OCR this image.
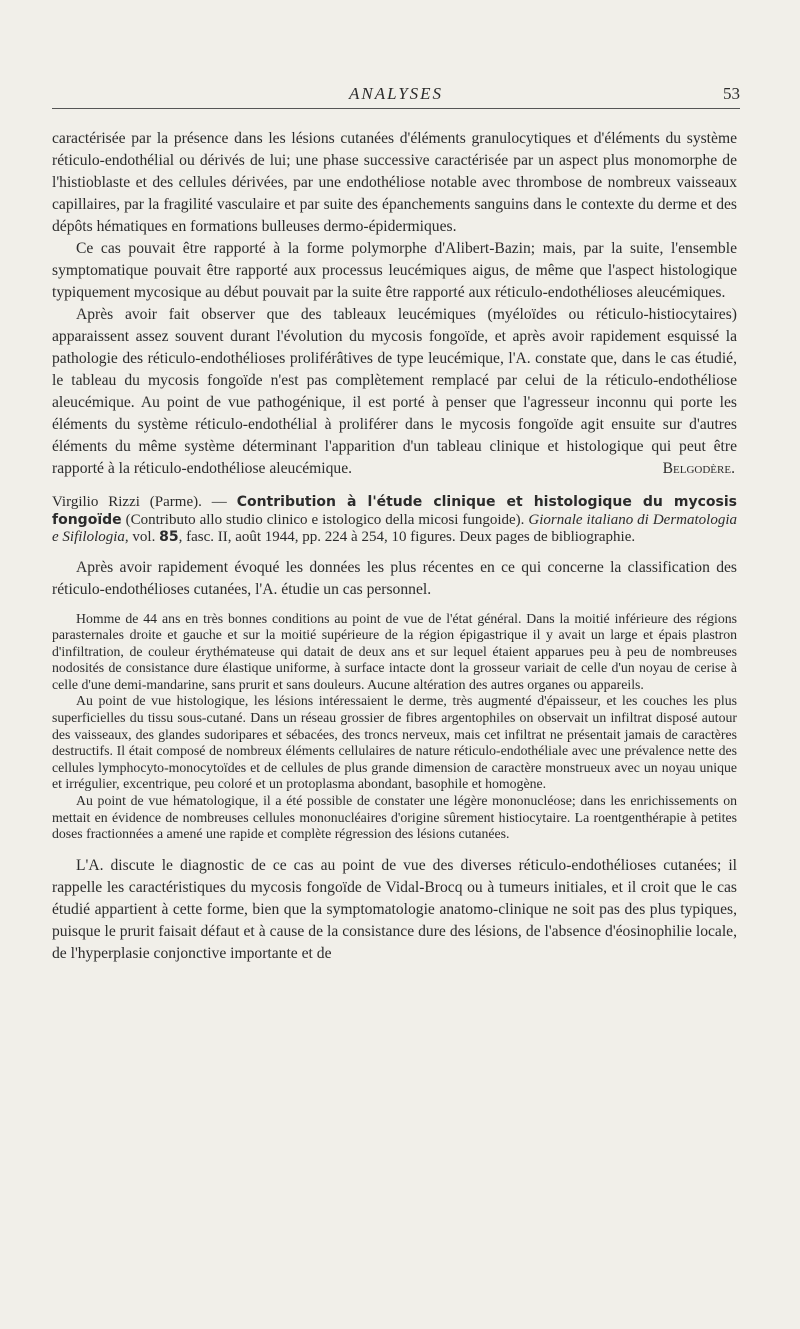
ANALYSES	53

caractérisée par la présence dans les lésions cutanées d'éléments granulocytiques et d'éléments du système réticulo-endothélial ou dérivés de lui; une phase successive caractérisée par un aspect plus monomorphe de l'histioblaste et des cellules dérivées, par une endothéliose notable avec thrombose de nombreux vaisseaux capillaires, par la fragilité vasculaire et par suite des épanchements sanguins dans le contexte du derme et des dépôts hématiques en formations bulleuses dermo-épidermiques.

Ce cas pouvait être rapporté à la forme polymorphe d'Alibert-Bazin; mais, par la suite, l'ensemble symptomatique pouvait être rapporté aux processus leucémiques aigus, de même que l'aspect histologique typiquement mycosique au début pouvait par la suite être rapporté aux réticulo-endothélioses aleucémiques.

Après avoir fait observer que des tableaux leucémiques (myéloïdes ou réticulo-histiocytaires) apparaissent assez souvent durant l'évolution du mycosis fongoïde, et après avoir rapidement esquissé la pathologie des réticulo-endothélioses proliférâtives de type leucémique, l'A. constate que, dans le cas étudié, le tableau du mycosis fongoïde n'est pas complètement remplacé par celui de la réticulo-endothéliose aleucémique. Au point de vue pathogénique, il est porté à penser que l'agresseur inconnu qui porte les éléments du système réticulo-endothélial à proliférer dans le mycosis fongoïde agit ensuite sur d'autres éléments du même système déterminant l'apparition d'un tableau clinique et histologique qui peut être rapporté à la réticulo-endothéliose aleucémique.	Belgodère.

Virgilio Rizzi (Parme). — Contribution à l'étude clinique et histologique du mycosis fongoïde (Contributo allo studio clinico e istologico della micosi fungoide). Giornale italiano di Dermatologia e Sifilologia, vol. 85, fasc. II, août 1944, pp. 224 à 254, 10 figures. Deux pages de bibliographie.

Après avoir rapidement évoqué les données les plus récentes en ce qui concerne la classification des réticulo-endothélioses cutanées, l'A. étudie un cas personnel.

Homme de 44 ans en très bonnes conditions au point de vue de l'état général. Dans la moitié inférieure des régions parasternales droite et gauche et sur la moitié supérieure de la région épigastrique il y avait un large et épais plastron d'infiltration, de couleur érythémateuse qui datait de deux ans et sur lequel étaient apparues peu à peu de nombreuses nodosités de consistance dure élastique uniforme, à surface intacte dont la grosseur variait de celle d'un noyau de cerise à celle d'une demi-mandarine, sans prurit et sans douleurs. Aucune altération des autres organes ou appareils.

Au point de vue histologique, les lésions intéressaient le derme, très augmenté d'épaisseur, et les couches les plus superficielles du tissu sous-cutané. Dans un réseau grossier de fibres argentophiles on observait un infiltrat disposé autour des vaisseaux, des glandes sudoripares et sébacées, des troncs nerveux, mais cet infiltrat ne présentait jamais de caractères destructifs. Il était composé de nombreux éléments cellulaires de nature réticulo-endothéliale avec une prévalence nette des cellules lymphocyto-monocytoïdes et de cellules de plus grande dimension de caractère monstrueux avec un noyau unique et irrégulier, excentrique, peu coloré et un protoplasma abondant, basophile et homogène.

Au point de vue hématologique, il a été possible de constater une légère mononucléose; dans les enrichissements on mettait en évidence de nombreuses cellules mononucléaires d'origine sûrement histiocytaire. La roentgenthérapie à petites doses fractionnées a amené une rapide et complète régression des lésions cutanées.

L'A. discute le diagnostic de ce cas au point de vue des diverses réticulo-endothélioses cutanées; il rappelle les caractéristiques du mycosis fongoïde de Vidal-Brocq ou à tumeurs initiales, et il croit que le cas étudié appartient à cette forme, bien que la symptomatologie anatomo-clinique ne soit pas des plus typiques, puisque le prurit faisait défaut et à cause de la consistance dure des lésions, de l'absence d'éosinophilie locale, de l'hyperplasie conjonctive importante et de
